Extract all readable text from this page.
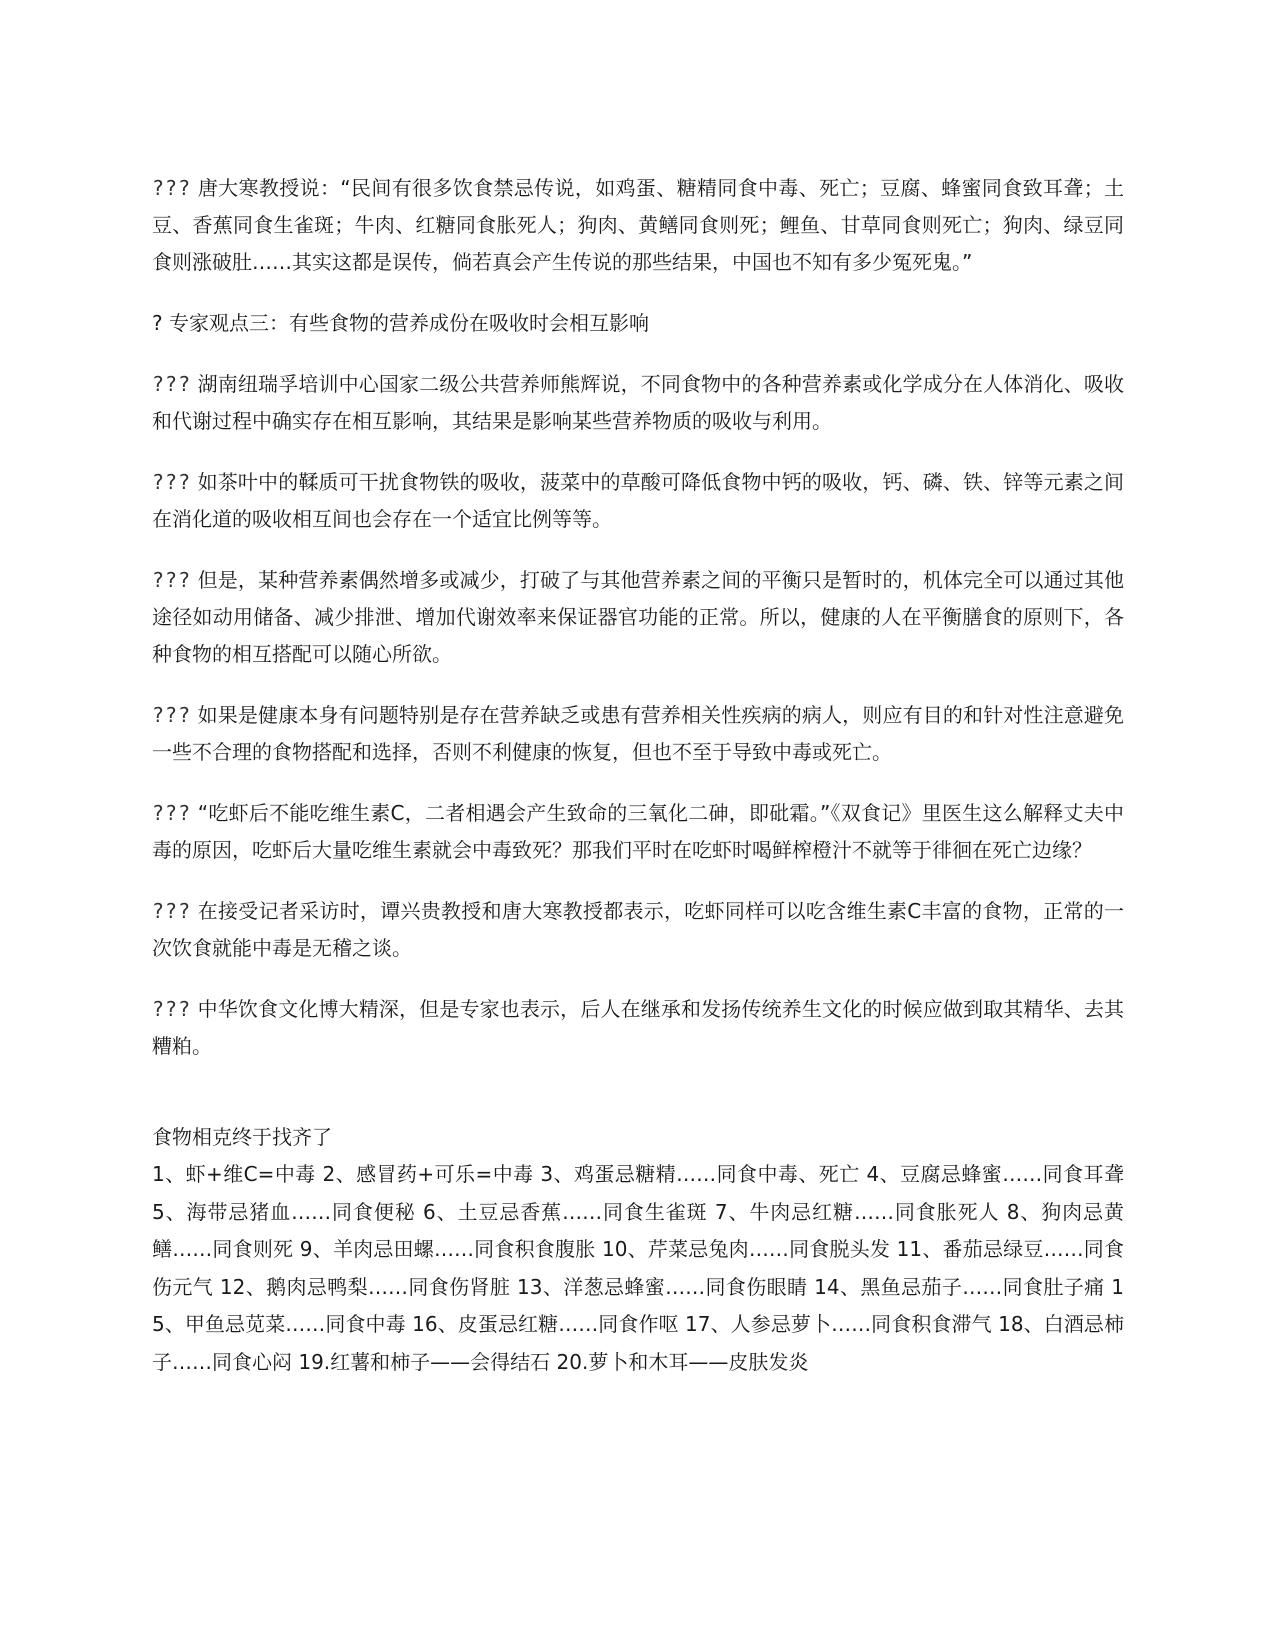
??? 唐大寒教授说：“民间有很多饮食禁忌传说，如鸡蛋、糖精同食中毒、死亡；豆腐、蜂蜜同食致耳聋；土豆、香蕉同食生雀斑；牛肉、红糖同食胀死人；狗肉、黄鳝同食则死；鲤鱼、甘草同食则死亡；狗肉、绿豆同食则涨破肚……其实这都是误传，倘若真会产生传说的那些结果，中国也不知有多少冤死鬼。”

? 专家观点三：有些食物的营养成份在吸收时会相互影响

??? 湖南纽瑞孚培训中心国家二级公共营养师熊辉说，不同食物中的各种营养素或化学成分在人体消化、吸收和代谢过程中确实存在相互影响，其结果是影响某些营养物质的吸收与利用。

??? 如茶叶中的鞣质可干扰食物铁的吸收，菠菜中的草酸可降低食物中钙的吸收，钙、磷、铁、锌等元素之间在消化道的吸收相互间也会存在一个适宜比例等等。

??? 但是，某种营养素偶然增多或减少，打破了与其他营养素之间的平衡只是暂时的，机体完全可以通过其他途径如动用储备、减少排泄、增加代谢效率来保证器官功能的正常。所以，健康的人在平衡膳食的原则下，各种食物的相互搭配可以随心所欲。

??? 如果是健康本身有问题特别是存在营养缺乏或患有营养相关性疾病的病人，则应有目的和针对性注意避免一些不合理的食物搭配和选择，否则不利健康的恢复，但也不至于导致中毒或死亡。

??? “吃虾后不能吃维生素C，二者相遇会产生致命的三氧化二砷，即砒霜。”《双食记》里医生这么解释丈夫中毒的原因，吃虾后大量吃维生素就会中毒致死？那我们平时在吃虾时喝鲜榨橙汁不就等于徘徊在死亡边缘？

??? 在接受记者采访时，谭兴贵教授和唐大寒教授都表示，吃虾同样可以吃含维生素C丰富的食物，正常的一次饮食就能中毒是无稽之谈。

??? 中华饮食文化博大精深，但是专家也表示，后人在继承和发扬传统养生文化的时候应做到取其精华、去其糟粕。

食物相克终于找齐了

1、虾+维C=中毒 2、感冒药+可乐=中毒 3、鸡蛋忌糖精……同食中毒、死亡 4、豆腐忌蜂蜜……同食耳聋 5、海带忌猪血……同食便秘 6、土豆忌香蕉……同食生雀斑 7、牛肉忌红糖……同食胀死人 8、狗肉忌黄鳝……同食则死 9、羊肉忌田螺……同食积食腹胀 10、芹菜忌兔肉……同食脱头发 11、番茄忌绿豆……同食伤元气 12、鹅肉忌鸭梨……同食伤肾脏 13、洋葱忌蜂蜜……同食伤眼睛 14、黑鱼忌茄子……同食肚子痛 15、甲鱼忌苋菜……同食中毒 16、皮蛋忌红糖……同食作呕 17、人参忌萝卜……同食积食滞气 18、白酒忌柿子……同食心闷 19.红薯和柿子——会得结石 20.萝卜和木耳——皮肤发炎
